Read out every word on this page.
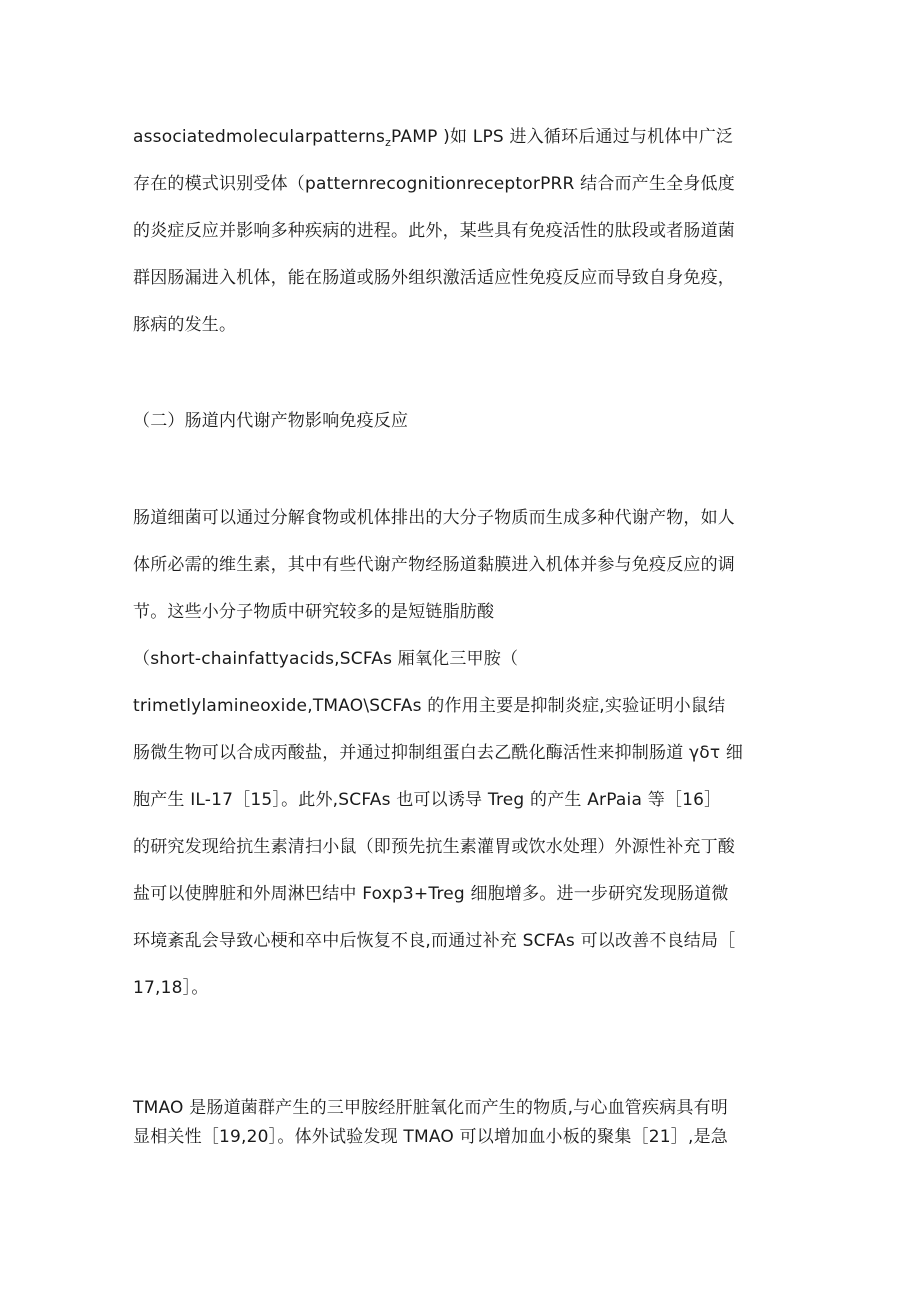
associatedmolecularpatterns$_z$PAMP )如 LPS 进入循环后通过与机体中广泛
存在的模式识别受体（patternrecognitionreceptorPRR 结合而产生全身低度
的炎症反应并影响多种疾病的进程。此外，某些具有免疫活性的肽段或者肠道菌
群因肠漏进入机体，能在肠道或肠外组织激活适应性免疫反应而导致自身免疫，
豚病的发生。
（二）肠道内代谢产物影响免疫反应
肠道细菌可以通过分解食物或机体排出的大分子物质而生成多种代谢产物，如人
体所必需的维生素，其中有些代谢产物经肠道黏膜进入机体并参与免疫反应的调
节。这些小分子物质中研究较多的是短链脂肪酸
（short-chainfattyacids,SCFAs 厢氧化三甲胺（
trimetlylamineoxide,TMAO\SCFAs 的作用主要是抑制炎症,实验证明小鼠结
肠微生物可以合成丙酸盐，并通过抑制组蛋白去乙酰化酶活性来抑制肠道 γδτ 细
胞产生 IL-17［15］。此外,SCFAs 也可以诱导 Treg 的产生 ArPaia 等［16］
的研究发现给抗生素清扫小鼠（即预先抗生素灌胃或饮水处理）外源性补充丁酸
盐可以使脾脏和外周淋巴结中 Foxp3+Treg 细胞增多。进一步研究发现肠道微
环境紊乱会导致心梗和卒中后恢复不良,而通过补充 SCFAs 可以改善不良结局［
17,18］。
TMAO 是肠道菌群产生的三甲胺经肝脏氧化而产生的物质,与心血管疾病具有明
显相关性［19,20］。体外试验发现 TMAO 可以增加血小板的聚集［21］,是急
